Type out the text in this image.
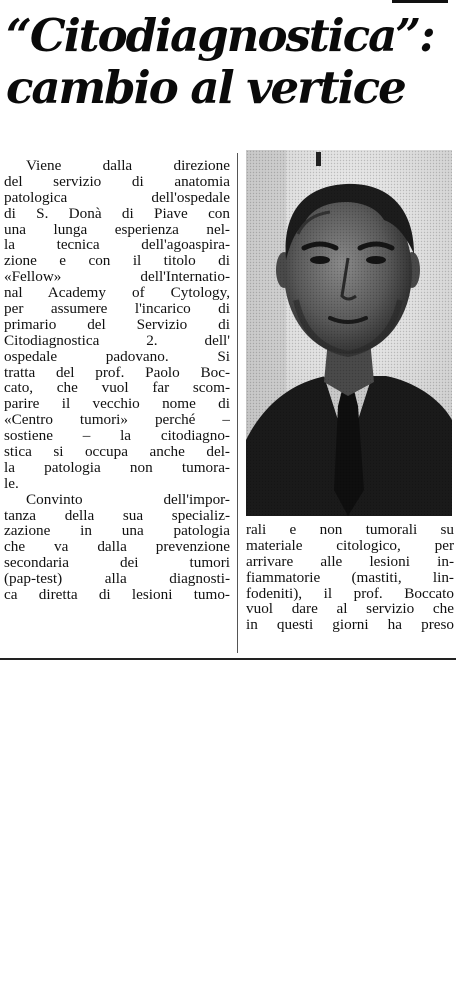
“Citodiagnostica”:
cambio al vertice
Viene dalla direzione
del servizio di anatomia
patologica dell'ospedale
di S. Donà di Piave con
una lunga esperienza nel-
la tecnica dell'agoaspira-
zione e con il titolo di
«Fellow» dell'Internatio-
nal Academy of Cytology,
per assumere l'incarico di
primario del Servizio di
Citodiagnostica 2. dell'
ospedale padovano. Si
tratta del prof. Paolo Boc-
cato, che vuol far scom-
parire il vecchio nome di
«Centro tumori» perché –
sostiene – la citodiagno-
stica si occupa anche del-
la patologia non tumora-
le.
Convinto dell'impor-
tanza della sua specializ-
zazione in una patologia
che va dalla prevenzione
secondaria dei tumori
(pap-test) alla diagnosti-
ca diretta di lesioni tumo-
rali e non tumorali su
materiale citologico, per
arrivare alle lesioni in-
fiammatorie (mastiti, lin-
fodeniti), il prof. Boccato
vuol dare al servizio che
in questi giorni ha preso
